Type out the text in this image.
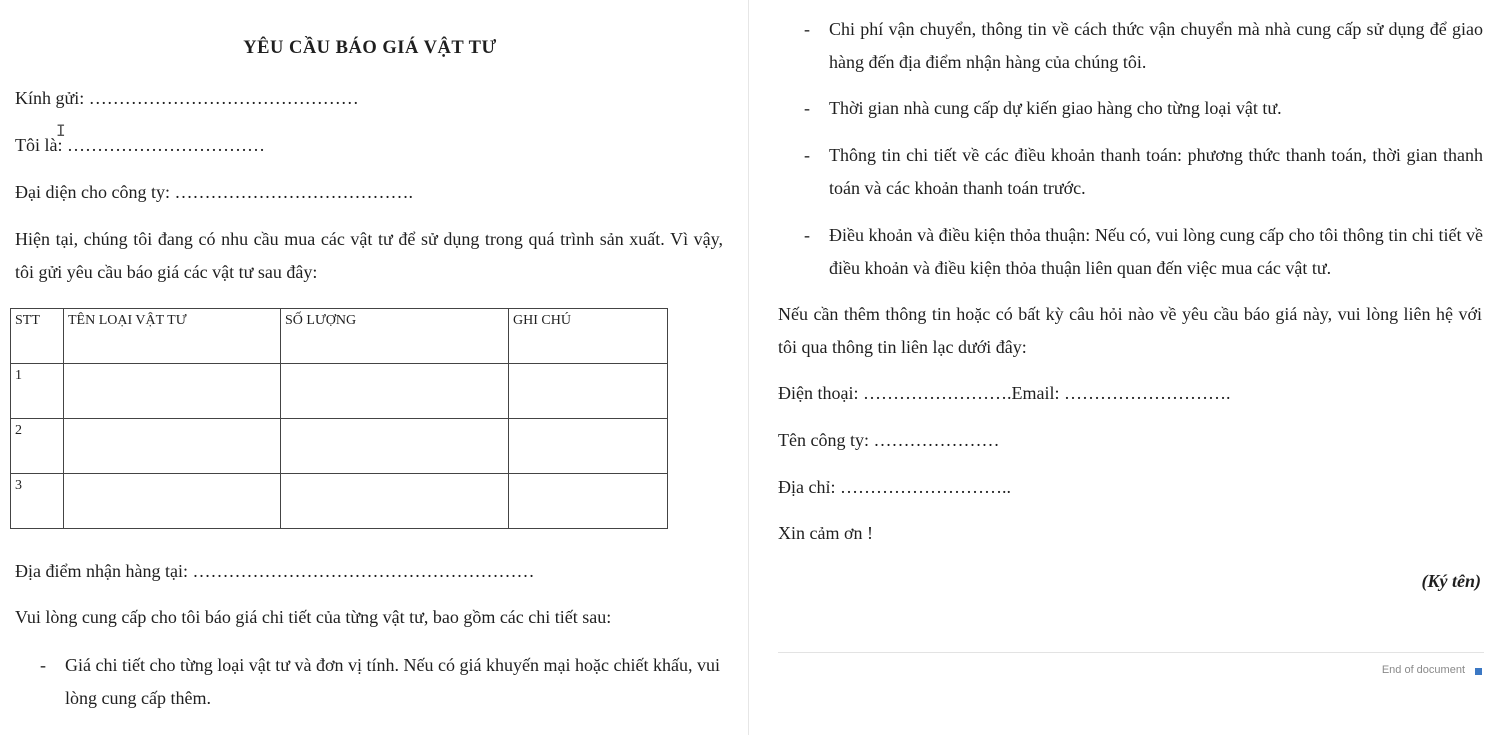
YÊU CẦU BÁO GIÁ VẬT TƯ
Kính gửi: ………………………………………
Tôi là: ……………………………
I
Đại diện cho công ty: ………………………………….
Hiện tại, chúng tôi đang có nhu cầu mua các vật tư để sử dụng trong quá trình sản xuất. Vì vậy, tôi gửi yêu cầu báo giá các vật tư sau đây:
STT	TÊN LOẠI VẬT TƯ	SỐ LƯỢNG	GHI CHÚ
1			
2			
3			
Địa điểm nhận hàng tại: …………………………………………………
Vui lòng cung cấp cho tôi báo giá chi tiết của từng vật tư, bao gồm các chi tiết sau:
- Giá chi tiết cho từng loại vật tư và đơn vị tính. Nếu có giá khuyến mại hoặc chiết khấu, vui lòng cung cấp thêm.
- Chi phí vận chuyển, thông tin về cách thức vận chuyển mà nhà cung cấp sử dụng để giao hàng đến địa điểm nhận hàng của chúng tôi.
- Thời gian nhà cung cấp dự kiến giao hàng cho từng loại vật tư.
- Thông tin chi tiết về các điều khoản thanh toán: phương thức thanh toán, thời gian thanh toán và các khoản thanh toán trước.
- Điều khoản và điều kiện thỏa thuận: Nếu có, vui lòng cung cấp cho tôi thông tin chi tiết về điều khoản và điều kiện thỏa thuận liên quan đến việc mua các vật tư.
Nếu cần thêm thông tin hoặc có bất kỳ câu hỏi nào về yêu cầu báo giá này, vui lòng liên hệ với tôi qua thông tin liên lạc dưới đây:
Điện thoại: …………………….Email: ……………………….
Tên công ty: …………………
Địa chỉ: ………………………..
Xin cảm ơn !
(Ký tên)
End of document
